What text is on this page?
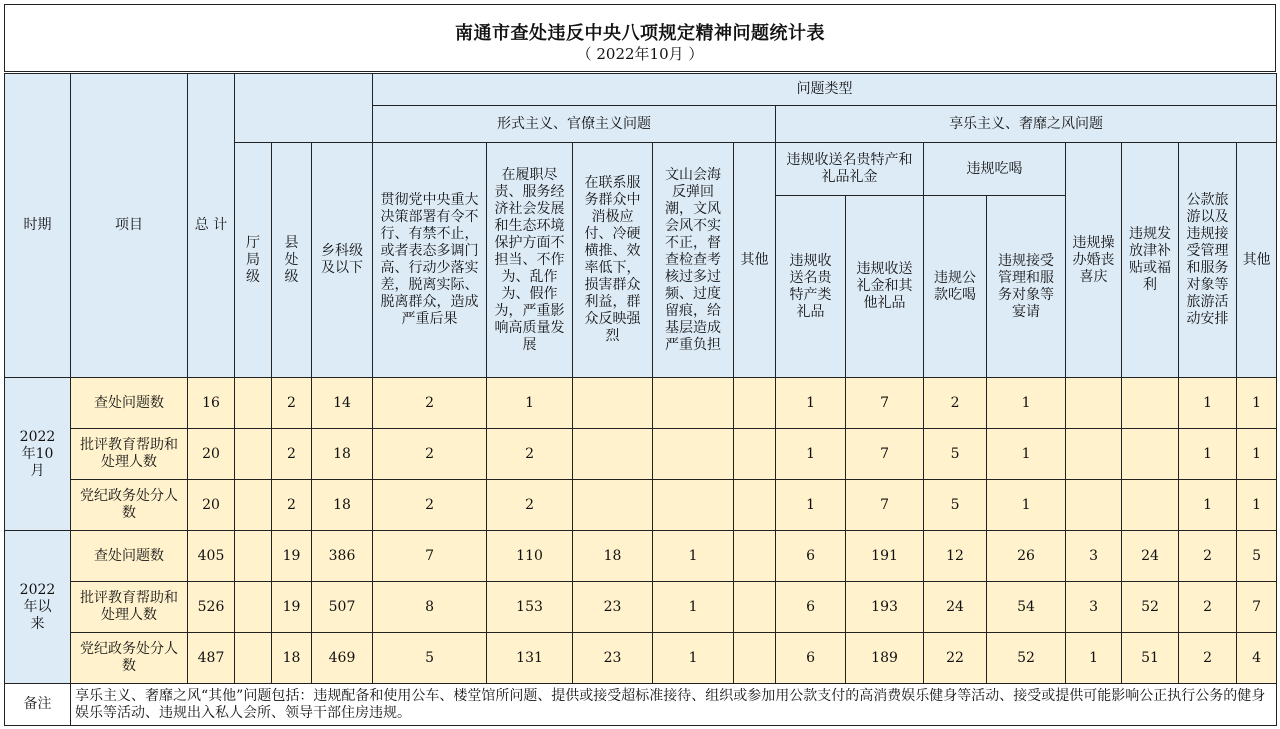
南通市查处违反中央八项规定精神问题统计表
（ 2022年10月 ）
时期	项目	总 计				问题类型												
						形式主义、官僚主义问题					享乐主义、奢靡之风问题							
			厅局级	县处级	乡科级及以下	贯彻党中央重大决策部署有令不行、有禁不止，或者表态多调门高、行动少落实差，脱离实际、脱离群众，造成严重后果	在履职尽责、服务经济社会发展和生态环境保护方面不担当、不作为、乱作为、假作为，严重影响高质量发展	在联系服务群众中消极应付、冷硬横推、效率低下，损害群众利益，群众反映强烈	文山会海反弹回潮，文风会风不实不正，督查检查考核过多过频、过度留痕，给基层造成严重负担	其他	违规收送名贵特产和礼品礼金		违规吃喝		违规操办婚丧喜庆	违规发放津补贴或福利	公款旅游以及违规接受管理和服务对象等旅游活动安排	其他
											违规收送名贵特产类礼品	违规收送礼金和其他礼品	违规公款吃喝	违规接受管理和服务对象等宴请				

2022年10月	查处问题数	16		2	14	2	1				1	7	2	1			1	1
	批评教育帮助和处理人数	20		2	18	2	2				1	7	5	1			1	1
	党纪政务处分人数	20		2	18	2	2				1	7	5	1			1	1
2022年以来	查处问题数	405		19	386	7	110	18	1		6	191	12	26	3	24	2	5
	批评教育帮助和处理人数	526		19	507	8	153	23	1		6	193	24	54	3	52	2	7
	党纪政务处分人数	487		18	469	5	131	23	1		6	189	22	52	1	51	2	4
备注	享乐主义、奢靡之风“其他”问题包括：违规配备和使用公车、楼堂馆所问题、提供或接受超标准接待、组织或参加用公款支付的高消费娱乐健身等活动、接受或提供可能影响公正执行公务的健身娱乐等活动、违规出入私人会所、领导干部住房违规。																	
